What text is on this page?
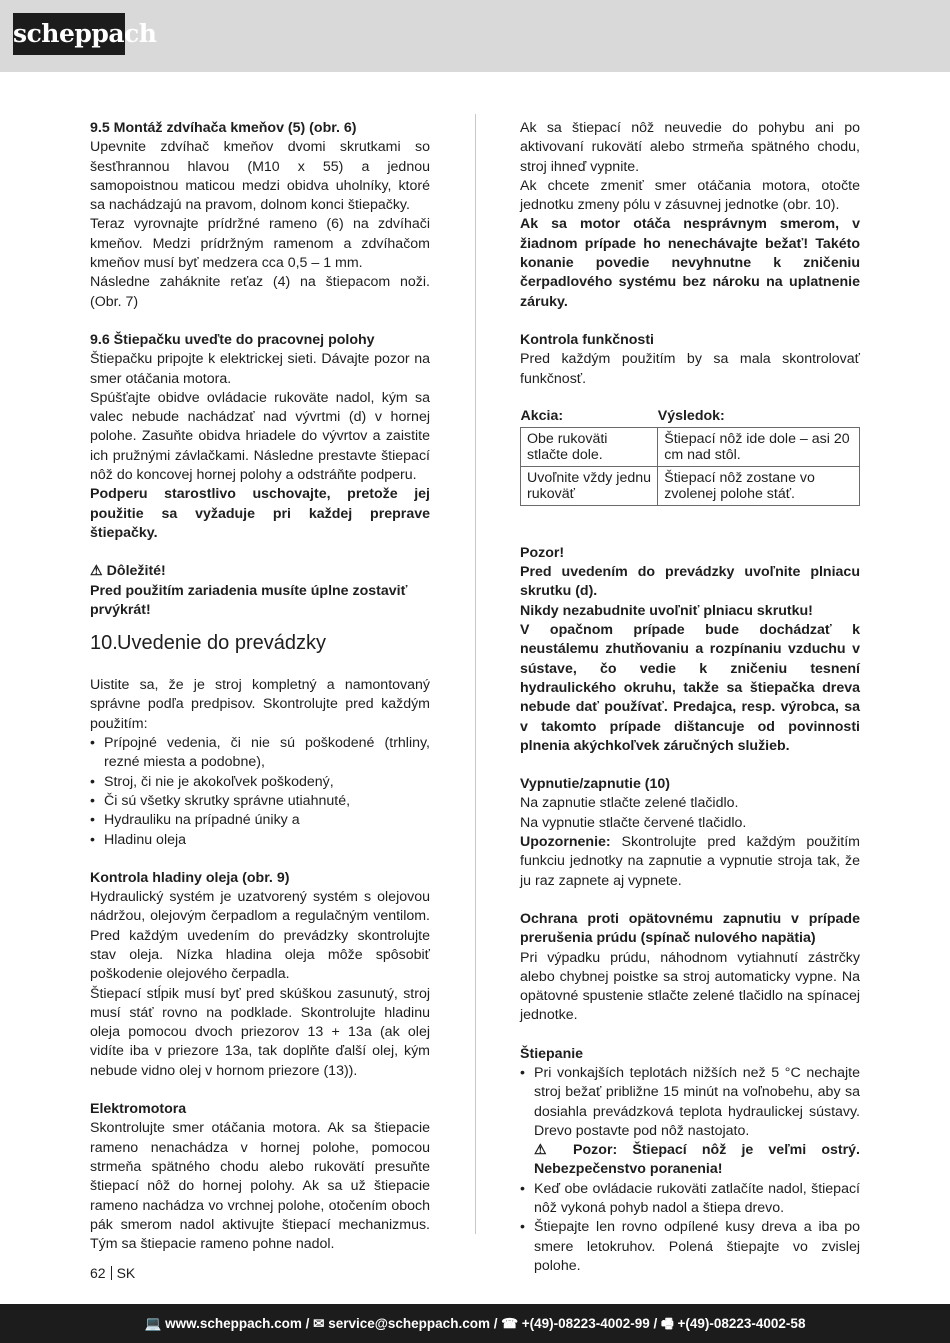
scheppach

9.5 Montáž zdvíhača kmeňov (5) (obr. 6)

Upevnite zdvíhač kmeňov dvomi skrutkami so šesťhrannou hlavou (M10 x 55) a jednou samopoistnou maticou medzi obidva uholníky, ktoré sa nachádzajú na pravom, dolnom konci štiepačky.

Teraz vyrovnajte prídržné rameno (6) na zdvíhači kmeňov. Medzi prídržným ramenom a zdvíhačom kmeňov musí byť medzera cca 0,5 – 1 mm.

Následne zaháknite reťaz (4) na štiepacom noži. (Obr. 7)

9.6 Štiepačku uveďte do pracovnej polohy

Štiepačku pripojte k elektrickej sieti. Dávajte pozor na smer otáčania motora.

Spúšťajte obidve ovládacie rukoväte nadol, kým sa valec nebude nachádzať nad vývrtmi (d) v hornej polohe. Zasuňte obidva hriadele do vývrtov a zaistite ich pružnými závlačkami. Následne prestavte štiepací nôž do koncovej hornej polohy a odstráňte podperu.

Podperu starostlivo uschovajte, pretože jej použitie sa vyžaduje pri každej preprave štiepačky.

⚠ Dôležité!

Pred použitím zariadenia musíte úplne zostaviť prvýkrát!

10.Uvedenie do prevádzky

Uistite sa, že je stroj kompletný a namontovaný správne podľa predpisov. Skontrolujte pred každým použitím:

• Prípojné vedenia, či nie sú poškodené (trhliny, rezné miesta a podobne),
• Stroj, či nie je akokoľvek poškodený,
• Či sú všetky skrutky správne utiahnuté,
• Hydrauliku na prípadné úniky a
• Hladinu oleja

Kontrola hladiny oleja (obr. 9)

Hydraulický systém je uzatvorený systém s olejovou nádržou, olejovým čerpadlom a regulačným ventilom. Pred každým uvedením do prevádzky skontrolujte stav oleja. Nízka hladina oleja môže spôsobiť poškodenie olejového čerpadla.

Štiepací stĺpik musí byť pred skúškou zasunutý, stroj musí stáť rovno na podklade. Skontrolujte hladinu oleja pomocou dvoch priezorov 13 + 13a (ak olej vidíte iba v priezore 13a, tak doplňte ďalší olej, kým nebude vidno olej v hornom priezore (13)).

Elektromotora

Skontrolujte smer otáčania motora. Ak sa štiepacie rameno nenachádza v hornej polohe, pomocou strmeňa spätného chodu alebo rukovätí presuňte štiepací nôž do hornej polohy. Ak sa už štiepacie rameno nachádza vo vrchnej polohe, otočením oboch pák smerom nadol aktivujte štiepací mechanizmus. Tým sa štiepacie rameno pohne nadol.

Ak sa štiepací nôž neuvedie do pohybu ani po aktivovaní rukovätí alebo strmeňa spätného chodu, stroj ihneď vypnite.

Ak chcete zmeniť smer otáčania motora, otočte jednotku zmeny pólu v zásuvnej jednotke (obr. 10).

Ak sa motor otáča nesprávnym smerom, v žiadnom prípade ho nenechávajte bežať! Takéto konanie povedie nevyhnutne k zničeniu čerpadlového systému bez nároku na uplatnenie záruky.

Kontrola funkčnosti

Pred každým použitím by sa mala skontrolovať funkčnosť.

Akcia:	Výsledok:
Obe rukoväti stlačte dole.	Štiepací nôž ide dole – asi 20 cm nad stôl.
Uvoľnite vždy jednu rukoväť	Štiepací nôž zostane vo zvolenej polohe stáť.

Pozor!

Pred uvedením do prevádzky uvoľnite plniacu skrutku (d).

Nikdy nezabudnite uvoľniť plniacu skrutku!

V opačnom prípade bude dochádzať k neustálemu zhutňovaniu a rozpínaniu vzduchu v sústave, čo vedie k zničeniu tesnení hydraulického okruhu, takže sa štiepačka dreva nebude dať používať. Predajca, resp. výrobca, sa v takomto prípade dištancuje od povinnosti plnenia akýchkoľvek záručných služieb.

Vypnutie/zapnutie (10)

Na zapnutie stlačte zelené tlačidlo.

Na vypnutie stlačte červené tlačidlo.

Upozornenie: Skontrolujte pred každým použitím funkciu jednotky na zapnutie a vypnutie stroja tak, že ju raz zapnete aj vypnete.

Ochrana proti opätovnému zapnutiu v prípade prerušenia prúdu (spínač nulového napätia)

Pri výpadku prúdu, náhodnom vytiahnutí zástrčky alebo chybnej poistke sa stroj automaticky vypne. Na opätovné spustenie stlačte zelené tlačidlo na spínacej jednotke.

Štiepanie

• Pri vonkajších teplotách nižších než 5 °C nechajte stroj bežať približne 15 minút na voľnobehu, aby sa dosiahla prevádzková teplota hydraulickej sústavy. Drevo postavte pod nôž nastojato.
⚠ Pozor: Štiepací nôž je veľmi ostrý. Nebezpečenstvo poranenia!
• Keď obe ovládacie rukoväti zatlačíte nadol, štiepací nôž vykoná pohyb nadol a štiepa drevo.
• Štiepajte len rovno odpílené kusy dreva a iba po smere letokruhov. Polená štiepajte vo zvislej polohe.
62 SK
💻 www.scheppach.com / ✉ service@scheppach.com / ☎ +(49)-08223-4002-99 / 🖷 +(49)-08223-4002-58
